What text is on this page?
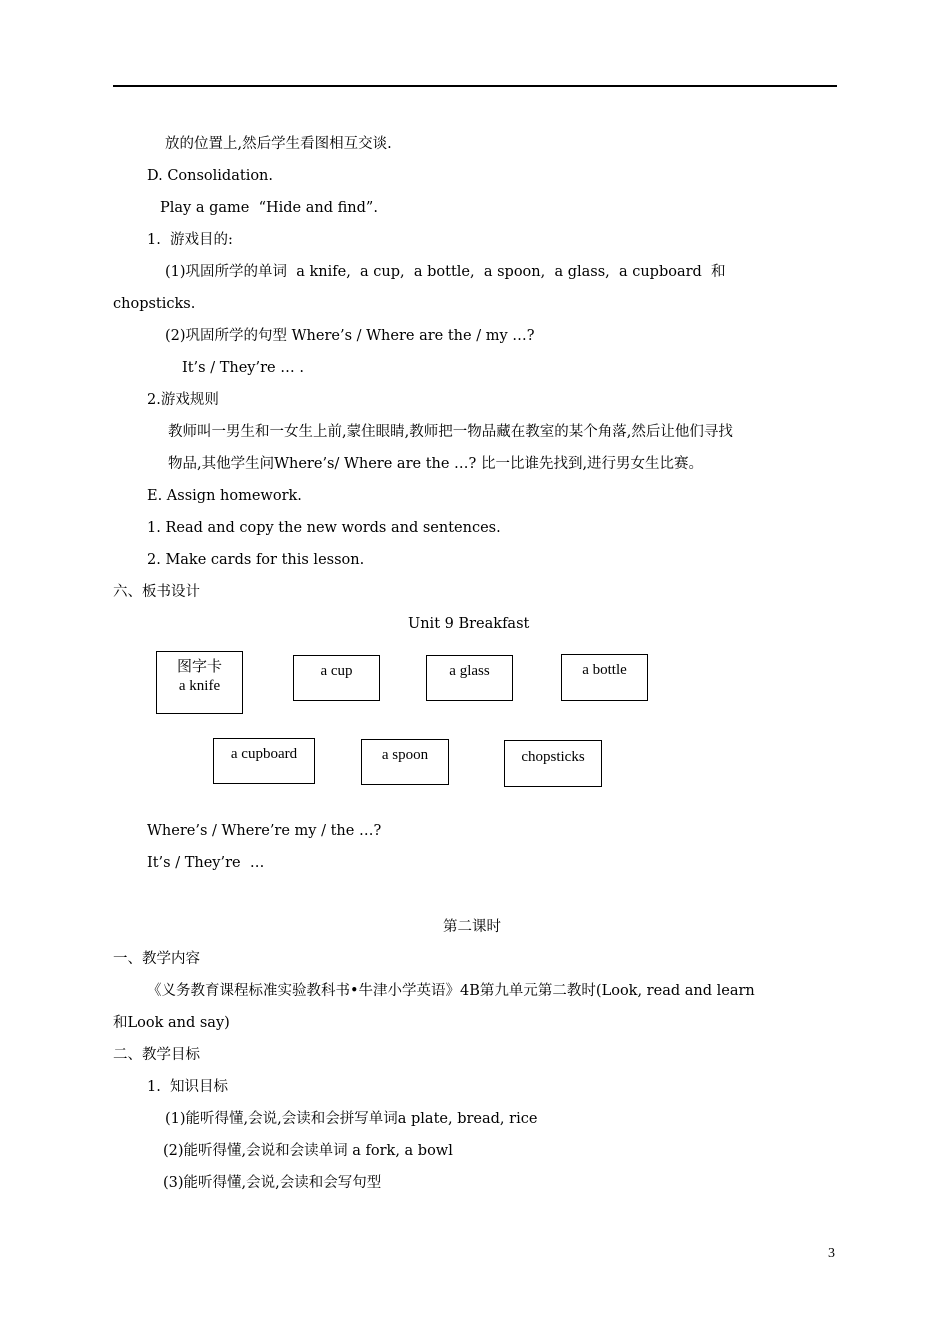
放的位置上,然后学生看图相互交谈.
D. Consolidation.
Play a game  “Hide and find”.
1.  游戏目的:
(1)巩固所学的单词  a knife,  a cup,  a bottle,  a spoon,  a glass,  a cupboard  和
chopsticks.
(2)巩固所学的句型 Where’s / Where are the / my …?
It’s / They’re … .
2.游戏规则
教师叫一男生和一女生上前,蒙住眼睛,教师把一物品藏在教室的某个角落,然后让他们寻找
物品,其他学生问Where’s/ Where are the …? 比一比谁先找到,进行男女生比赛。
E. Assign homework.
1. Read and copy the new words and sentences.
2. Make cards for this lesson.
六、板书设计
Unit 9 Breakfast
图字卡
a knife
a cup	a glass	a bottle
a cupboard	a spoon	chopsticks
Where’s / Where’re my / the …?
It’s / They’re  …
第二课时
一、教学内容
《义务教育课程标准实验教科书•牛津小学英语》4B第九单元第二教时(Look, read and learn
和Look and say)
二、教学目标
1.  知识目标
(1)能听得懂,会说,会读和会拼写单词a plate, bread, rice
(2)能听得懂,会说和会读单词 a fork, a bowl
(3)能听得懂,会说,会读和会写句型
3
